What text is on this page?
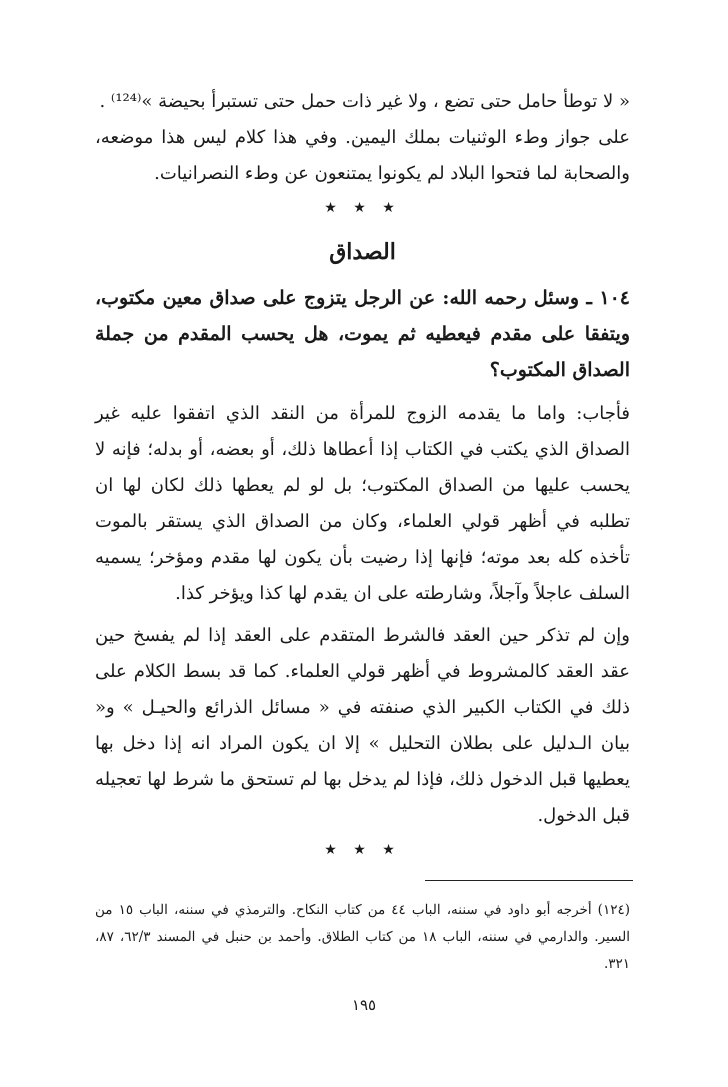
« لا توطأ حامل حتى تضع ، ولا غير ذات حمل حتى تستبرأ بحيضة »⁽¹²⁴⁾ .

على جواز وطء الوثنيات بملك اليمين. وفي هذا كلام ليس هذا موضعه، والصحابة لما فتحوا البلاد لم يكونوا يمتنعون عن وطء النصرانيات.

★ ★ ★
الصداق

١٠٤ ـ وسئل رحمه الله: عن الرجل يتزوج على صداق معين مكتوب، ويتفقا على مقدم فيعطيه ثم يموت، هل يحسب المقدم من جملة الصداق المكتوب؟

فأجاب: واما ما يقدمه الزوج للمرأة من النقد الذي اتفقوا عليه غير الصداق الذي يكتب في الكتاب إذا أعطاها ذلك، أو بعضه، أو بدله؛ فإنه لا يحسب عليها من الصداق المكتوب؛ بل لو لم يعطها ذلك لكان لها ان تطلبه في أظهر قولي العلماء، وكان من الصداق الذي يستقر بالموت تأخذه كله بعد موته؛ فإنها إذا رضيت بأن يكون لها مقدم ومؤخر؛ يسميه السلف عاجلاً وآجلاً، وشارطته على ان يقدم لها كذا ويؤخر كذا.

وإن لم تذكر حين العقد فالشرط المتقدم على العقد إذا لم يفسخ حين عقد العقد كالمشروط في أظهر قولي العلماء. كما قد بسط الكلام على ذلك في الكتاب الكبير الذي صنفته في « مسائل الذرائع والحيـل » و« بيان الـدليل على بطلان التحليل » إلا ان يكون المراد انه إذا دخل بها يعطيها قبل الدخول ذلك، فإذا لم يدخل بها لم تستحق ما شرط لها تعجيله قبل الدخول.

★ ★ ★
(١٢٤) أخرجه أبو داود في سننه، الباب ٤٤ من كتاب النكاح. والترمذي في سننه، الباب ١٥ من السير. والدارمي في سننه، الباب ١٨ من كتاب الطلاق. وأحمد بن حنبل في المسند ٦٢/٣، ٨٧، ٣٢١.
١٩٥
